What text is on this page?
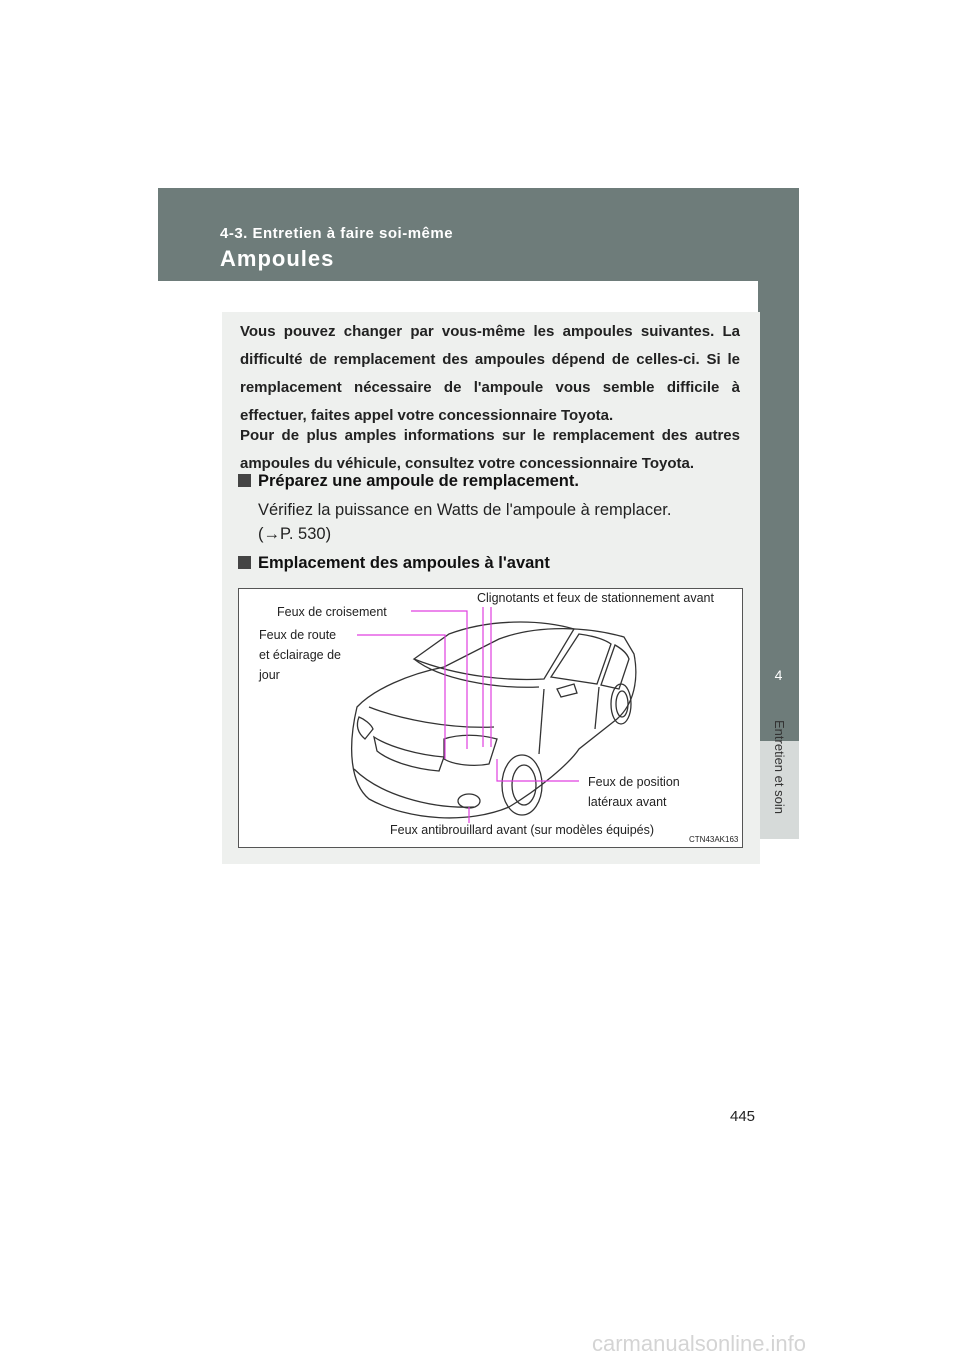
4-3. Entretien à faire soi-même
Ampoules
4
Entretien et soin

Vous pouvez changer par vous-même les ampoules suivantes. La difficulté de remplacement des ampoules dépend de celles-ci. Si le remplacement nécessaire de l'ampoule vous semble difficile à effectuer, faites appel votre concessionnaire Toyota.

Pour de plus amples informations sur le remplacement des autres ampoules du véhicule, consultez votre concessionnaire Toyota.

Préparez une ampoule de remplacement.
Vérifiez la puissance en Watts de l'ampoule à remplacer.
(→P. 530)
Emplacement des ampoules à l'avant
Feux de croisement
Clignotants et feux de stationnement avant
Feux de route
et éclairage de
jour
Feux de position
latéraux avant
Feux antibrouillard avant (sur modèles équipés)
CTN43AK163
445
carmanualsonline.info
